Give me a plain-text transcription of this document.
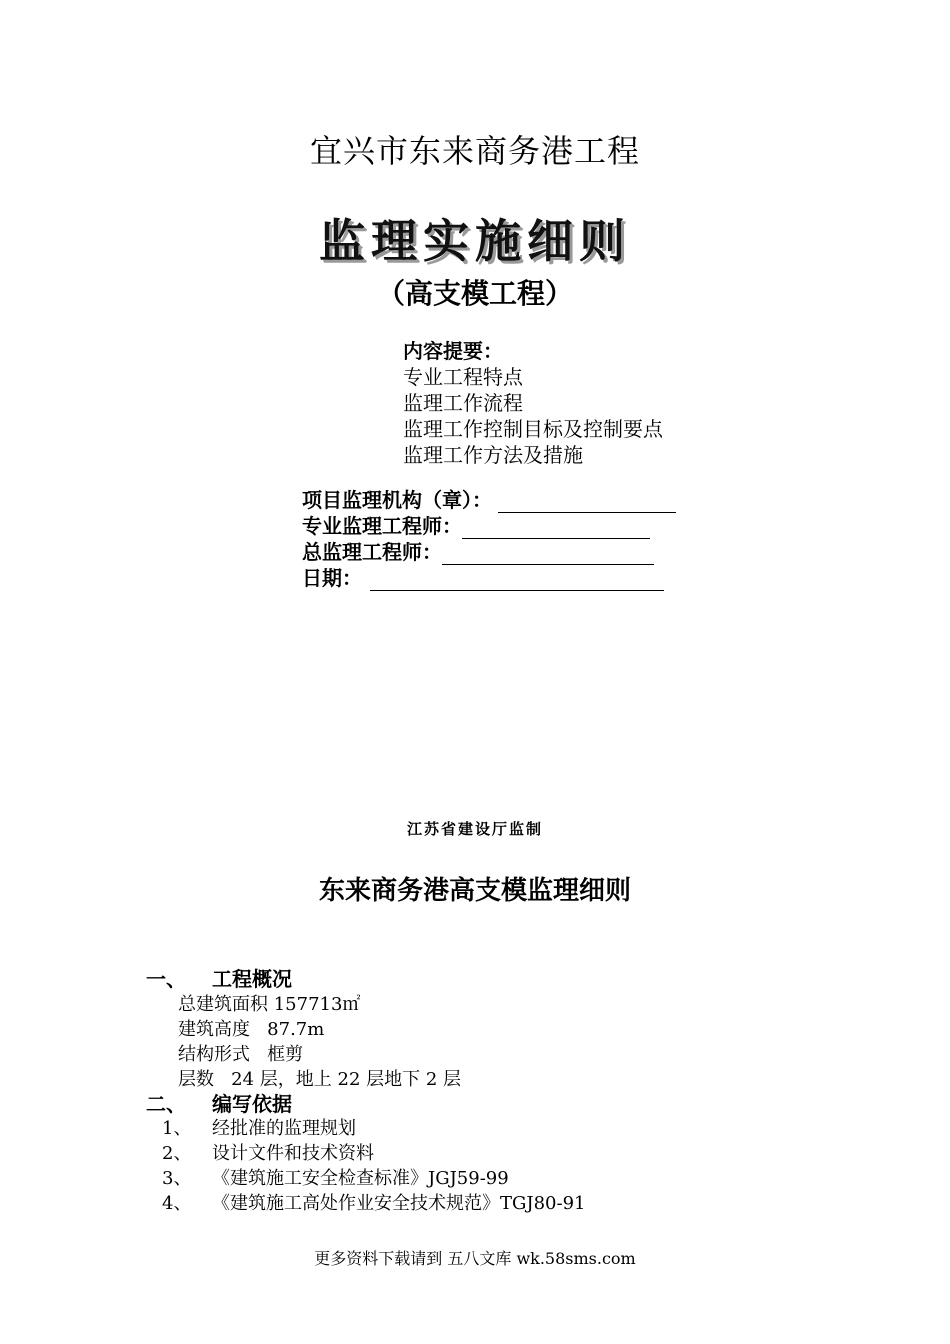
宜兴市东来商务港工程
监理实施细则
（高支模工程）
内容提要：
专业工程特点
监理工作流程
监理工作控制目标及控制要点
监理工作方法及措施
项目监理机构（章）：
专业监理工程师：
总监理工程师：
日期：
江苏省建设厅监制
东来商务港高支模监理细则
一、 工程概况
总建筑面积 157713㎡
建筑高度   87.7m
结构形式   框剪
层数   24 层，地上 22 层地下 2 层
二、 编写依据
1、 经批准的监理规划
2、 设计文件和技术资料
3、 《建筑施工安全检查标准》JGJ59-99
4、 《建筑施工高处作业安全技术规范》TGJ80-91
更多资料下载请到 五八文库 wk.58sms.com
